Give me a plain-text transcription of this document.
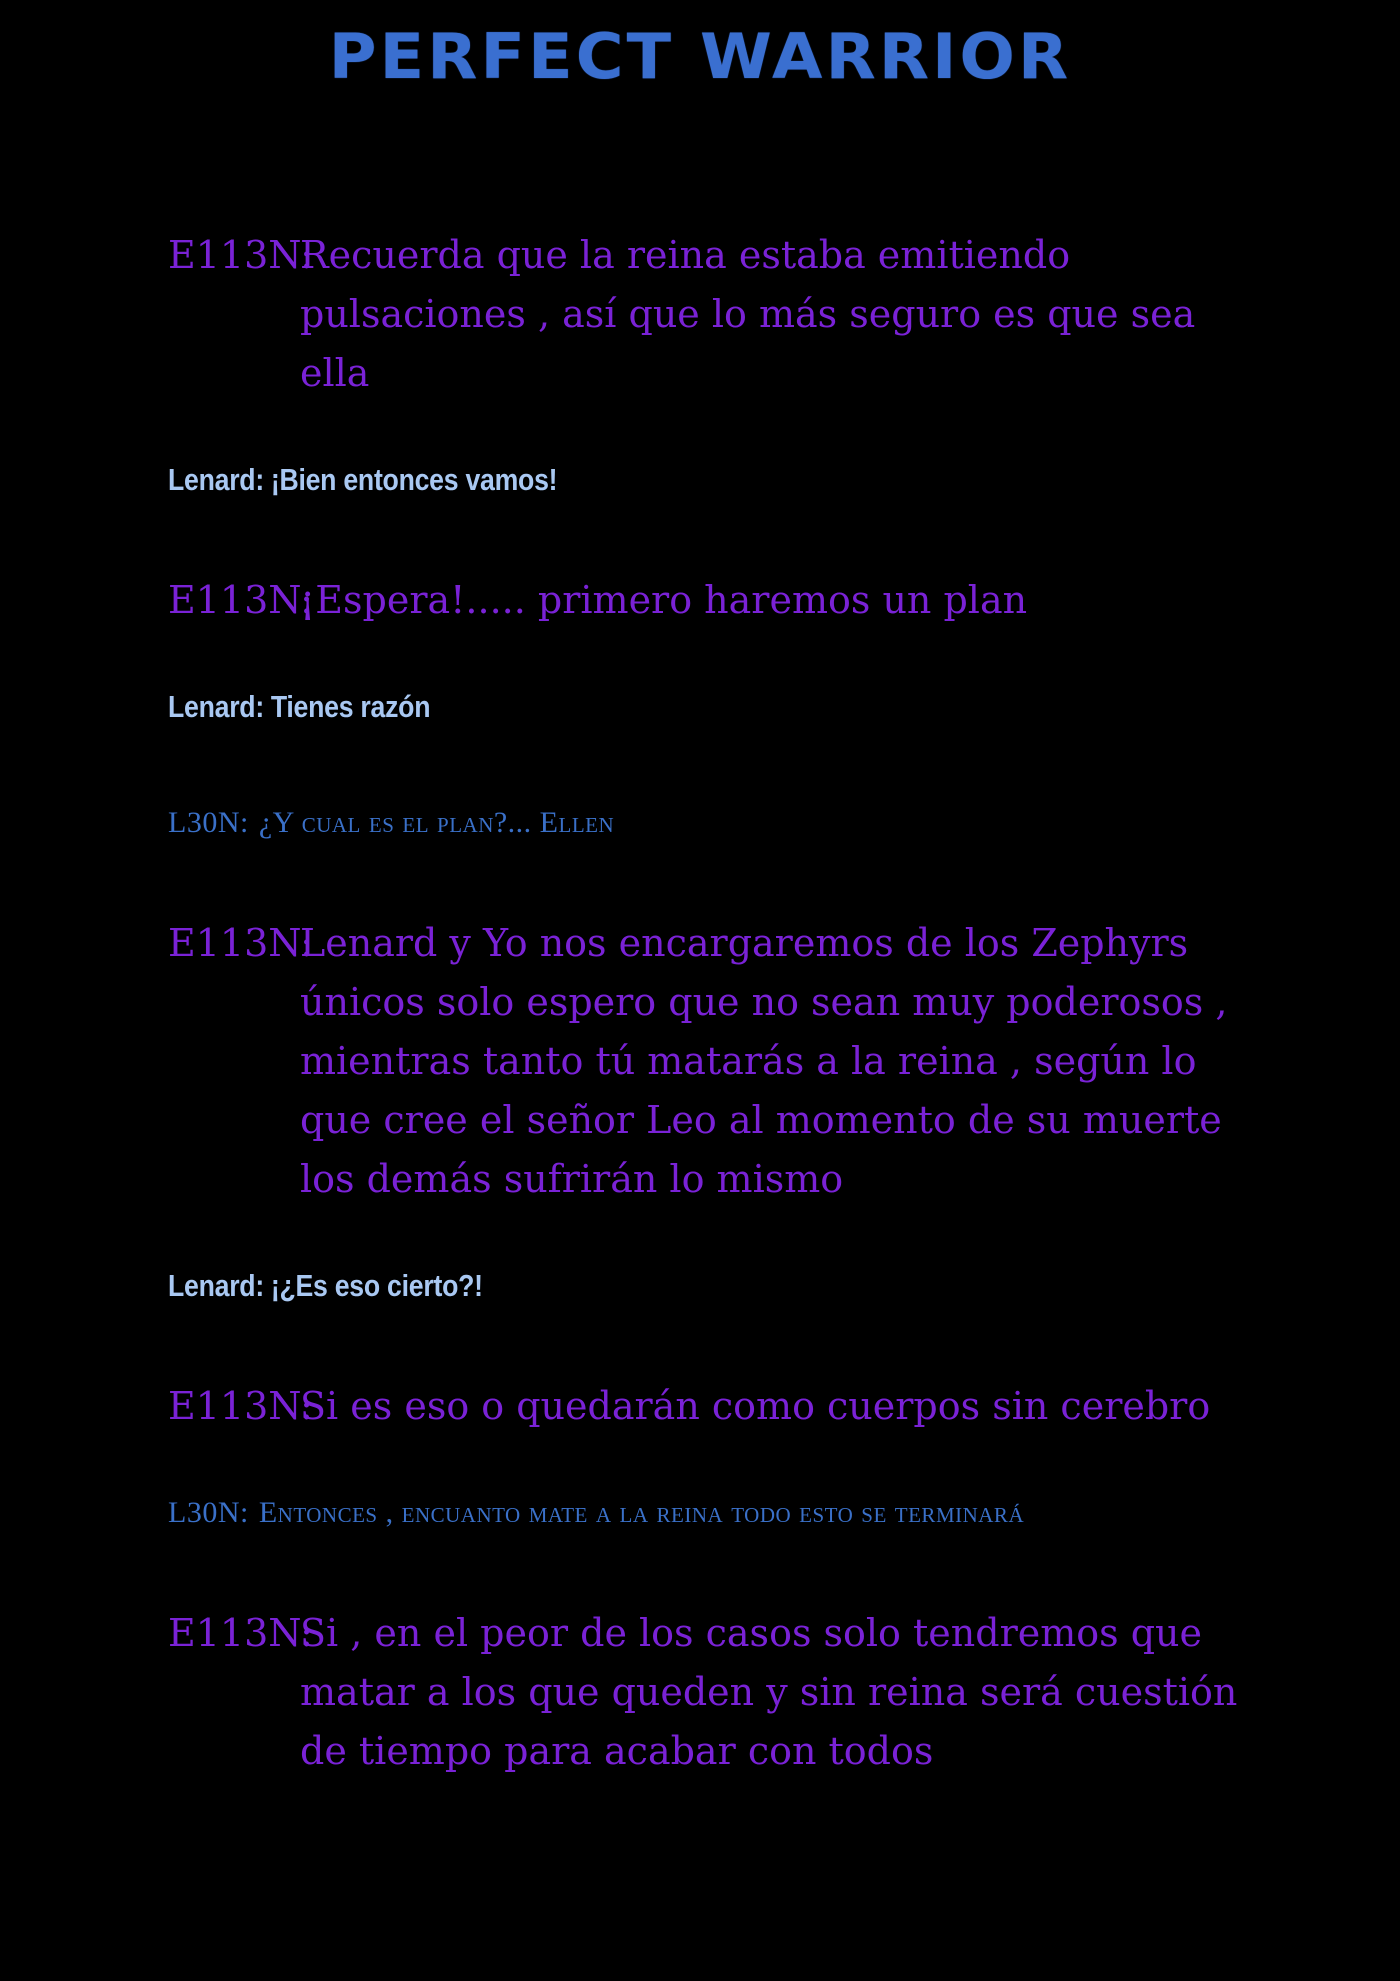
PERFECT WARRIOR
E113N:
Recuerda que la reina estaba emitiendo pulsaciones , así que lo más seguro es que sea ella
Lenard: ¡Bien entonces vamos!
E113N:
¡Espera!..... primero haremos un plan
Lenard: Tienes razón
L30N: ¿Y cual es el plan?... Ellen
E113N:
Lenard y Yo nos encargaremos de los Zephyrs únicos solo espero que no sean muy poderosos , mientras tanto tú matarás a la reina , según lo que cree el señor Leo al momento de su muerte los demás sufrirán lo mismo
Lenard: ¡¿Es eso cierto?!
E113N:
Si es eso o quedarán como cuerpos sin cerebro
L30N: Entonces , encuanto mate a la reina todo esto se terminará
E113N:
Si , en el peor de los casos solo tendremos que matar a los que queden y sin reina será cuestión de tiempo para acabar con todos
